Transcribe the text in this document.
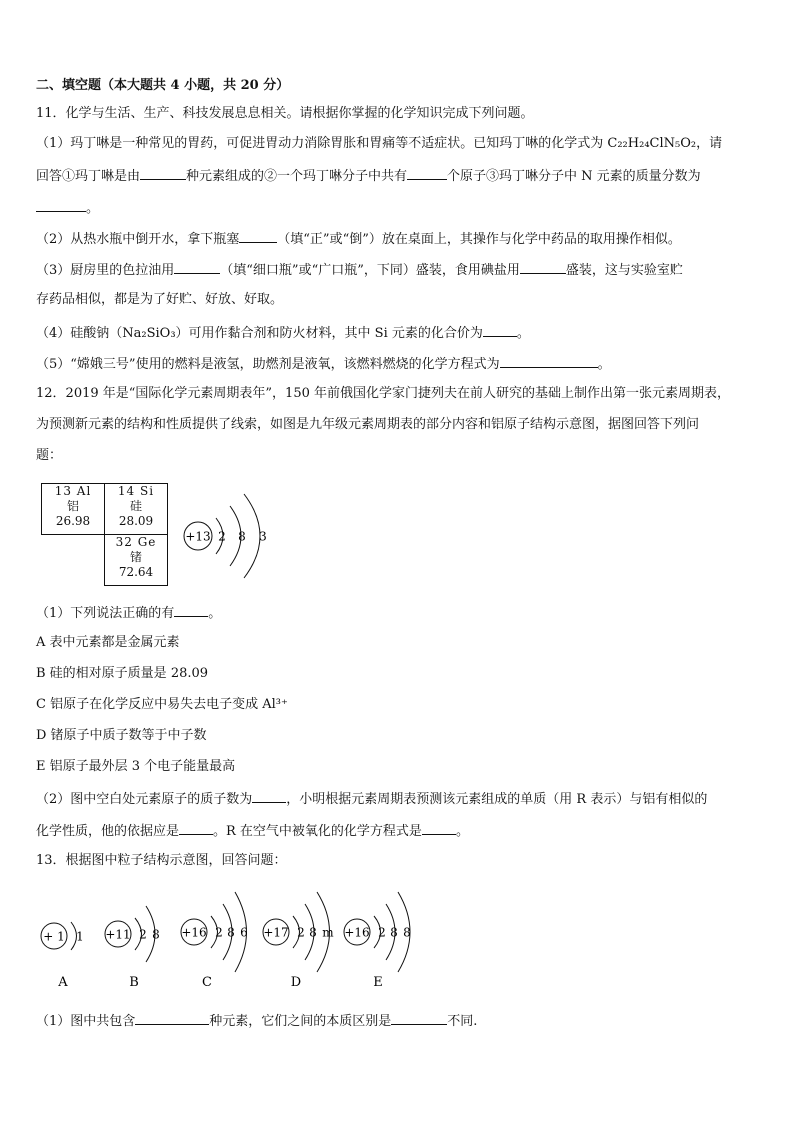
二、填空题（本大题共 4 小题，共 20 分）
11．化学与生活、生产、科技发展息息相关。请根据你掌握的化学知识完成下列问题。
（1）玛丁啉是一种常见的胃药，可促进胃动力消除胃胀和胃痛等不适症状。已知玛丁啉的化学式为 C₂₂H₂₄ClN₅O₂，请
回答①玛丁啉是由	种元素组成的②一个玛丁啉分子中共有	个原子③玛丁啉分子中 N 元素的质量分数为
。
（2）从热水瓶中倒开水，拿下瓶塞	（填“正”或“倒”）放在桌面上，其操作与化学中药品的取用操作相似。
（3）厨房里的色拉油用	（填“细口瓶”或“广口瓶”，下同）盛装，食用碘盐用	盛装，这与实验室贮
存药品相似，都是为了好贮、好放、好取。
（4）硅酸钠（Na₂SiO₃）可用作黏合剂和防火材料，其中 Si 元素的化合价为	。
（5）“嫦娥三号”使用的燃料是液氢，助燃剂是液氧，该燃料燃烧的化学方程式为	。
12．2019 年是“国际化学元素周期表年”，150 年前俄国化学家门捷列夫在前人研究的基础上制作出第一张元素周期表，
为预测新元素的结构和性质提供了线索，如图是九年级元素周期表的部分内容和铝原子结构示意图，据图回答下列问
题：
13 Al
铝
26.98
14 Si
硅
28.09
32 Ge
锗
72.64
+13 2 8 3
（1）下列说法正确的有	。
A 表中元素都是金属元素
B 硅的相对原子质量是 28.09
C 铝原子在化学反应中易失去电子变成 Al³⁺
D 锗原子中质子数等于中子数
E 铝原子最外层 3 个电子能量最高
（2）图中空白处元素原子的质子数为	，小明根据元素周期表预测该元素组成的单质（用 R 表示）与铝有相似的
化学性质，他的依据应是	。R 在空气中被氧化的化学方程式是	。
13．根据图中粒子结构示意图，回答问题：
+ 1 1
A
+11 2 8
B
+16 2 8 6
C
+17 2 8 m
D
+16 2 8 8
E
（1）图中共包含	种元素，它们之间的本质区别是	不同.
